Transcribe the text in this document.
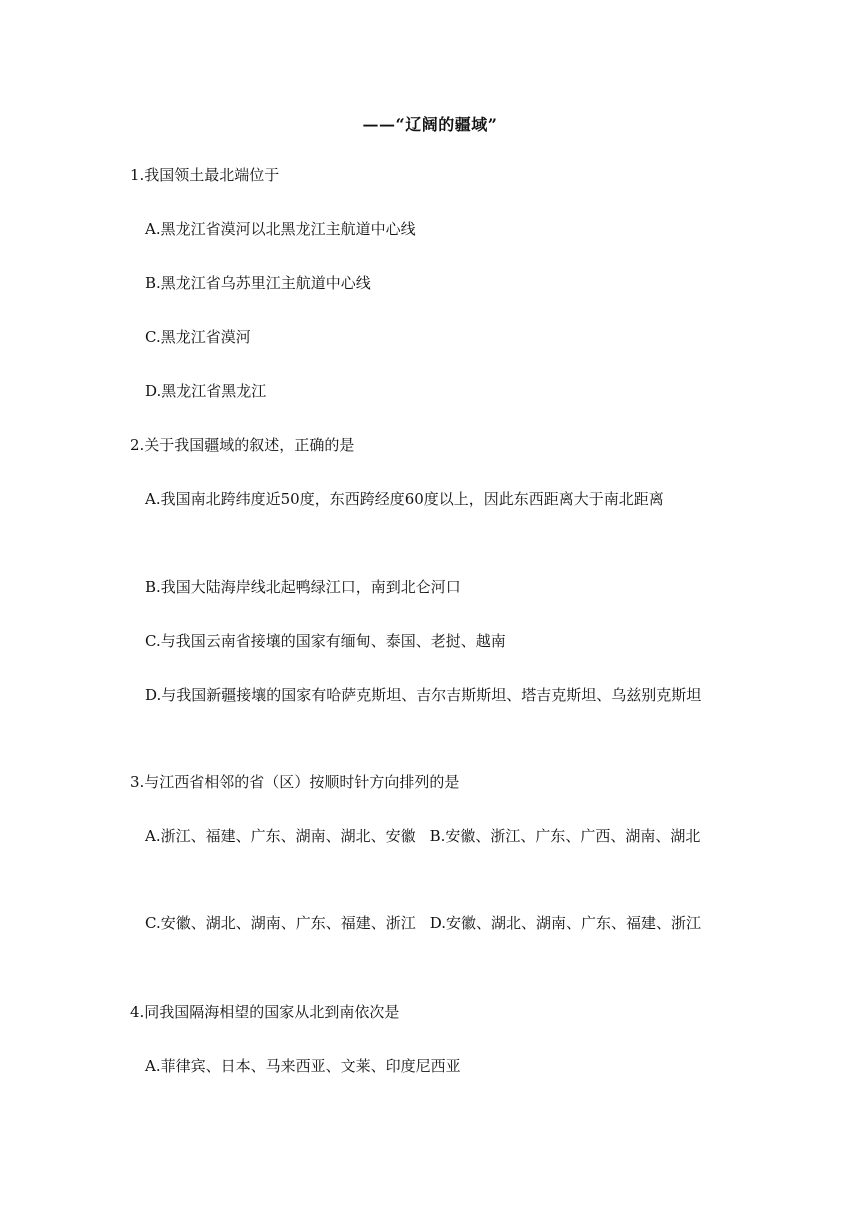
——“辽阔的疆域”
1.我国领土最北端位于
A.黑龙江省漠河以北黑龙江主航道中心线
B.黑龙江省乌苏里江主航道中心线
C.黑龙江省漠河
D.黑龙江省黑龙江
2.关于我国疆域的叙述，正确的是
A.我国南北跨纬度近50度，东西跨经度60度以上，因此东西距离大于南北距离
B.我国大陆海岸线北起鸭绿江口，南到北仑河口
C.与我国云南省接壤的国家有缅甸、泰国、老挝、越南
D.与我国新疆接壤的国家有哈萨克斯坦、吉尔吉斯斯坦、塔吉克斯坦、乌兹别克斯坦
3.与江西省相邻的省（区）按顺时针方向排列的是
A.浙江、福建、广东、湖南、湖北、安徽 B.安徽、浙江、广东、广西、湖南、湖北
C.安徽、湖北、湖南、广东、福建、浙江 D.安徽、湖北、湖南、广东、福建、浙江
4.同我国隔海相望的国家从北到南依次是
A.菲律宾、日本、马来西亚、文莱、印度尼西亚
